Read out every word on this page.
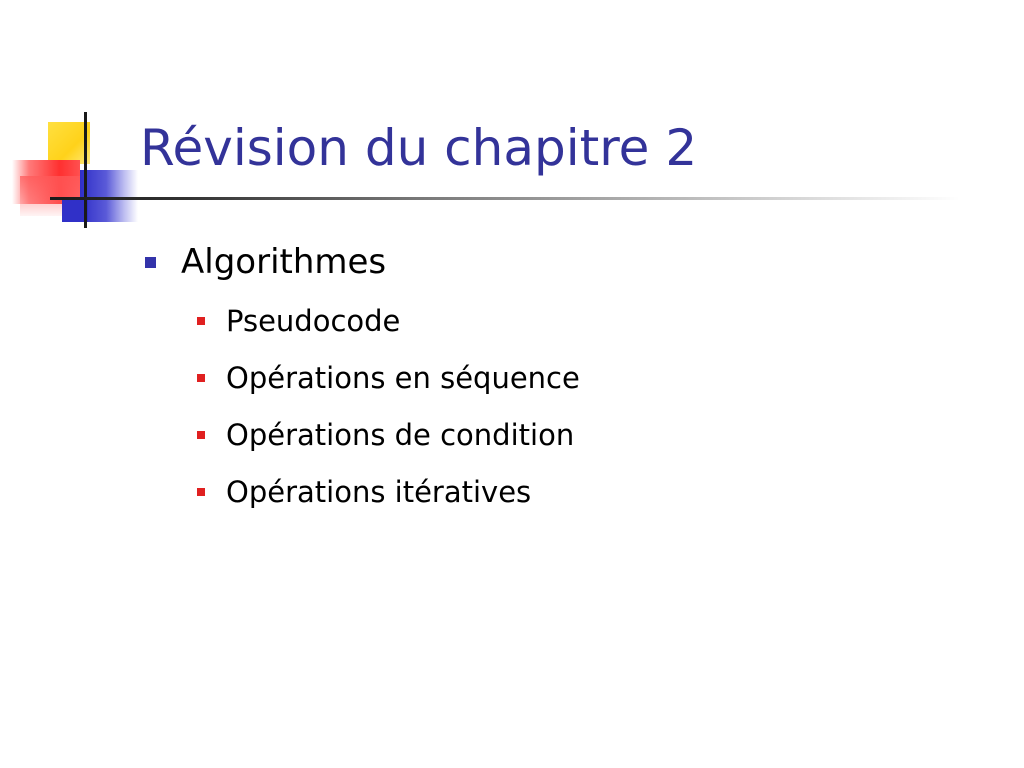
Révision du chapitre 2
Algorithmes
Pseudocode
Opérations en séquence
Opérations de condition
Opérations itératives
